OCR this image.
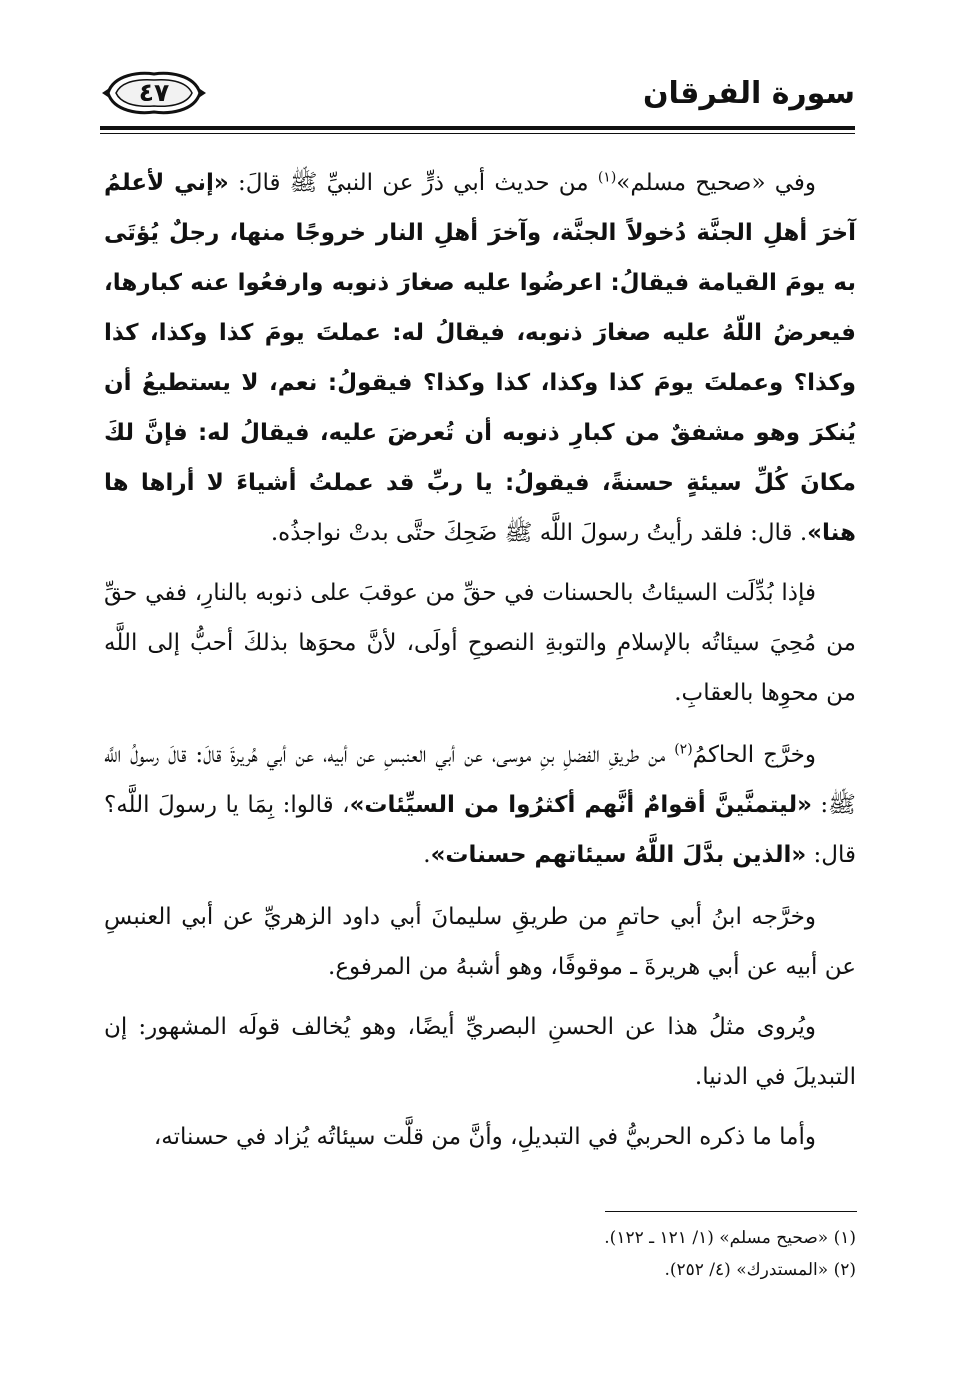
٤٧	سورة الفرقان

وفي «صحيح مسلم»$^{(١)}$ من حديث أبي ذرٍّ عن النبيِّ ﷺ قالَ: «إني لأعلمُ آخرَ أهلِ الجنَّة دُخولاً الجنَّة، وآخرَ أهلِ النار خروجًا منها، رجلٌ يُؤتَى به يومَ القيامة فيقالُ: اعرضُوا عليه صغارَ ذنوبه وارفعُوا عنه كبارها، فيعرضُ اللّهُ عليه صغارَ ذنوبه، فيقالُ له: عملتَ يومَ كذا وكذا، كذا وكذا؟ وعملتَ يومَ كذا وكذا، كذا وكذا؟ فيقولُ: نعم، لا يستطيعُ أن يُنكرَ وهو مشفقٌ من كبارِ ذنوبه أن تُعرضَ عليه، فيقالُ له: فإنَّ لكَ مكانَ كُلِّ سيئةٍ حسنةً، فيقولُ: يا ربِّ قد عملتُ أشياءَ لا أراها ها هنا». قال: فلقد رأيتُ رسولَ اللَّه ﷺ ضَحِكَ حتَّى بدتْ نواجذُه.

فإذا بُدِّلَت السيئاتُ بالحسنات في حقِّ من عوقبَ على ذنوبه بالنارِ، ففي حقِّ من مُحِيَ سيئاتُه بالإسلامِ والتوبةِ النصوحِ أولَى، لأنَّ محوَها بذلكَ أحبُّ إلى اللَّه من محوِها بالعقابِ.

وخرَّج الحاكمُ$^{(٢)}$ من طريقِ الفضلِ بنِ موسى، عن أبي العنبسِ عن أبيه، عن أبي هُريرةَ قالَ: قالَ رسولُ اللَّه ﷺ: «ليتمنَّينَّ أقوامٌ أنَّهم أكثرُوا من السيِّئات»، قالوا: بِمَا يا رسولَ اللَّه؟ قال: «الذين بدَّلَ اللَّهُ سيئاتهم حسنات».

وخرَّجه ابنُ أبي حاتمٍ من طريقِ سليمانَ أبي داود الزهريِّ عن أبي العنبسِ عن أبيه عن أبي هريرةَ ـ موقوفًا، وهو أشبهُ من المرفوع.

ويُروى مثلُ هذا عن الحسنِ البصريِّ أيضًا، وهو يُخالف قولَه المشهور: إن التبديلَ في الدنيا.

وأما ما ذكره الحربيُّ في التبديلِ، وأنَّ من قلَّت سيئاتُه يُزاد في حسناته،

(١) «صحيح مسلم» (١/ ١٢١ ـ ١٢٢).
(٢) «المستدرك» (٤/ ٢٥٢).
